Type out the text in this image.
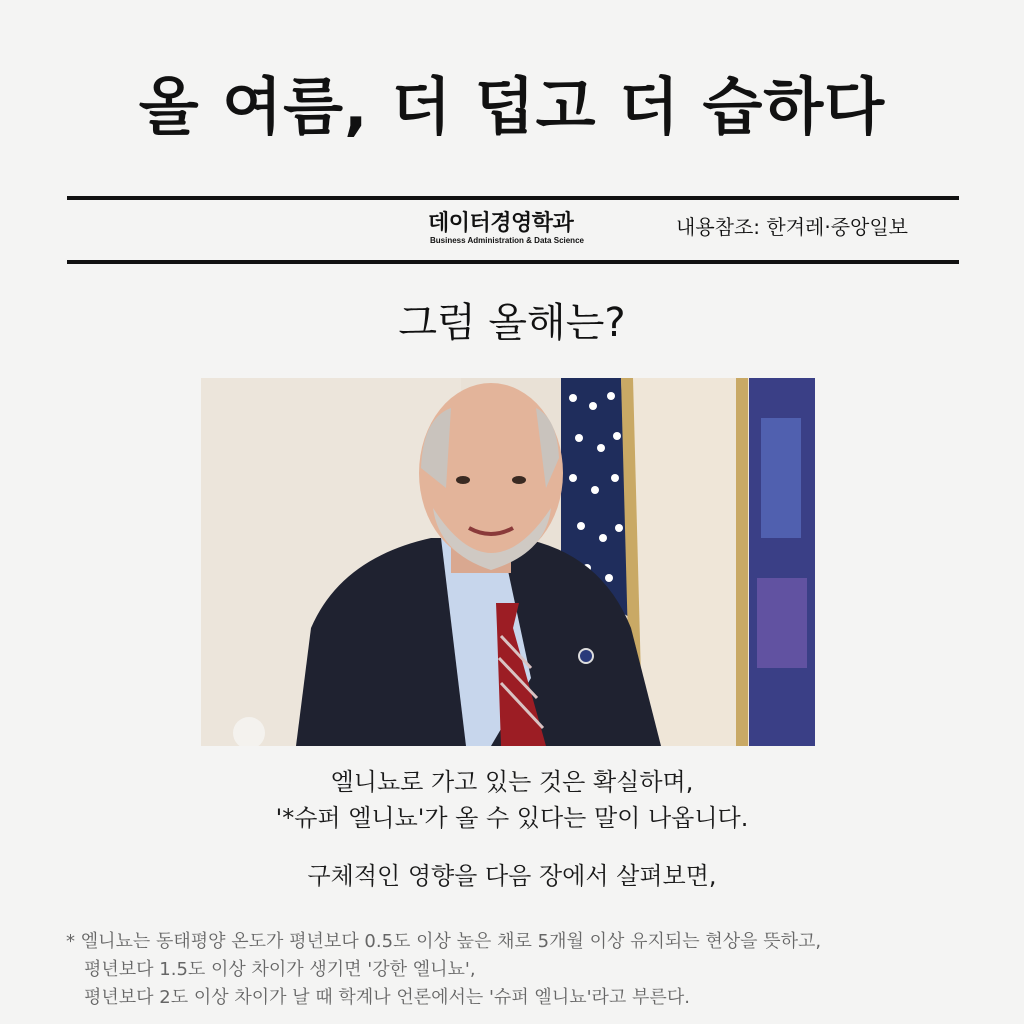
올 여름, 더 덥고 더 습하다
데이터경영학과
Business Administration & Data Science
내용참조: 한겨레·중앙일보
그럼 올해는?
엘니뇨로 가고 있는 것은 확실하며,
'*슈퍼 엘니뇨'가 올 수 있다는 말이 나옵니다.
구체적인 영향을 다음 장에서 살펴보면,
* 엘니뇨는 동태평양 온도가 평년보다 0.5도 이상 높은 채로 5개월 이상 유지되는 현상을 뜻하고,
평년보다 1.5도 이상 차이가 생기면 '강한 엘니뇨',
평년보다 2도 이상 차이가 날 때 학계나 언론에서는 '슈퍼 엘니뇨'라고 부른다.
